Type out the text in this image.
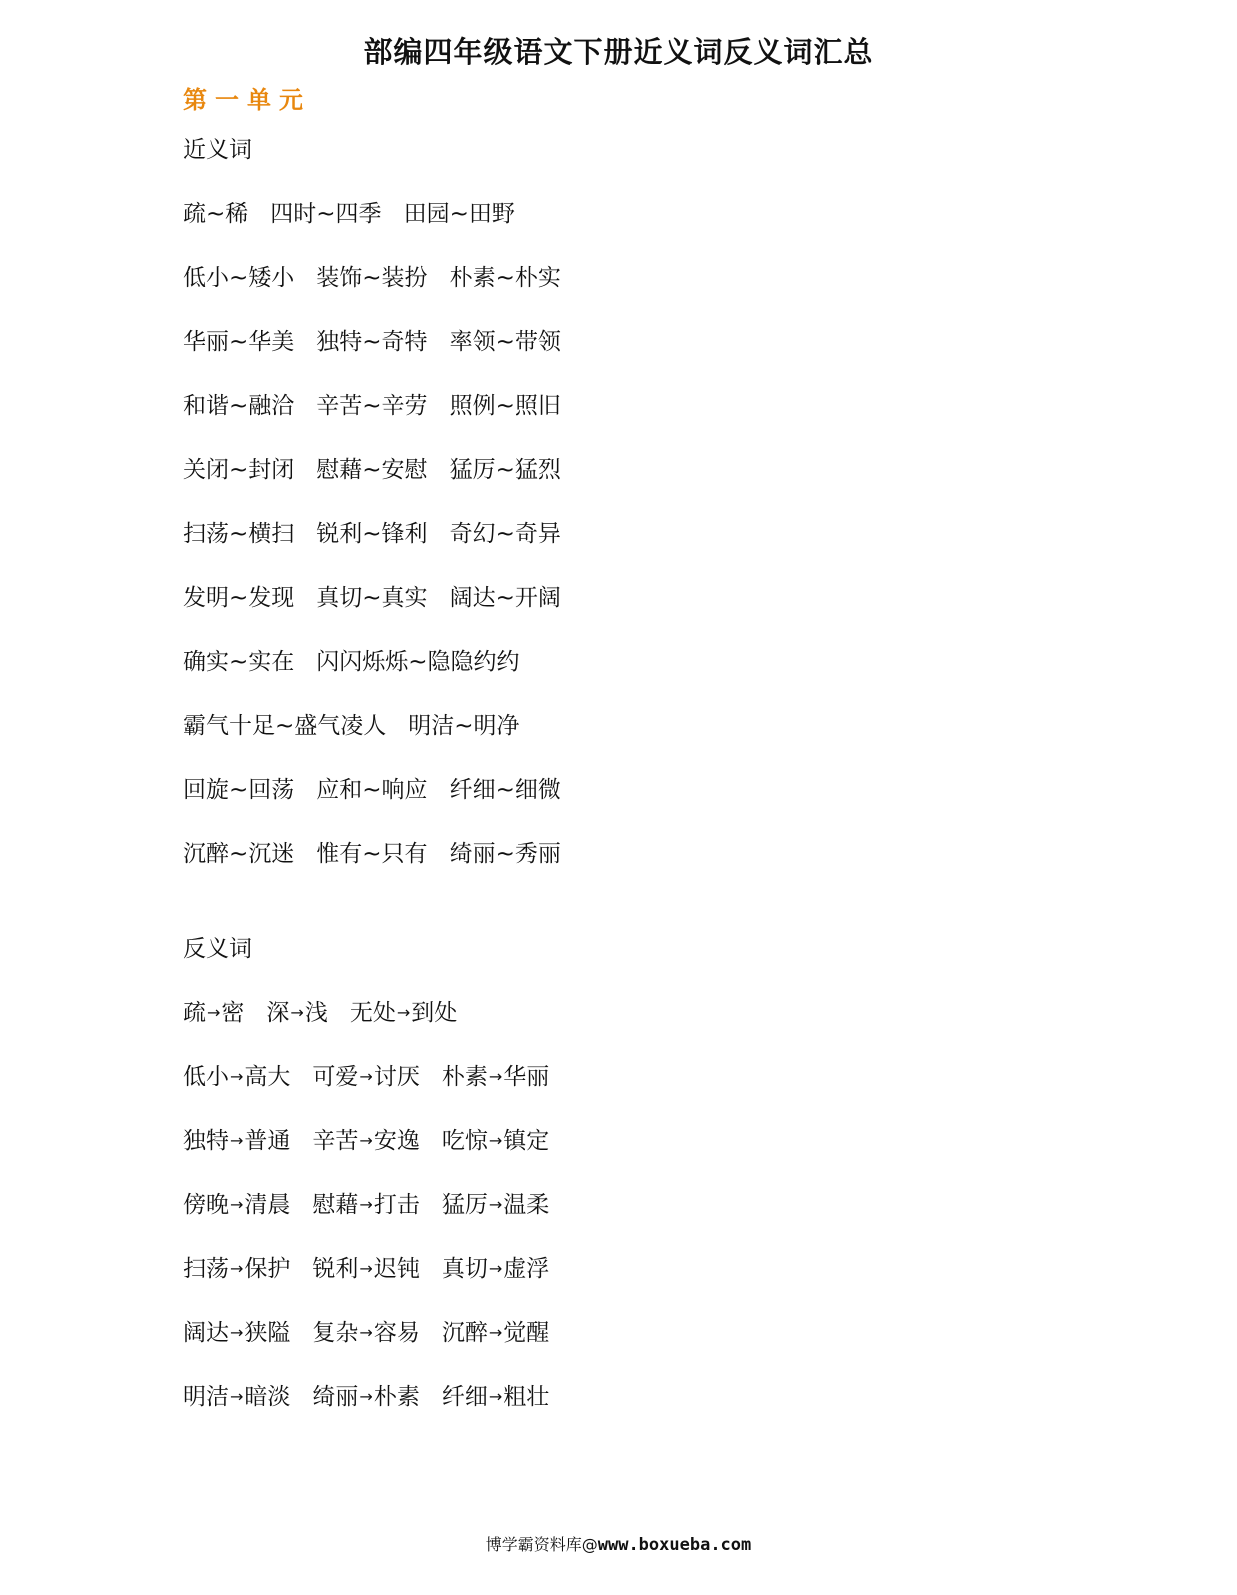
部编四年级语文下册近义词反义词汇总
第一单元
近义词
疏~稀 四时~四季 田园~田野
低小~矮小 装饰~装扮 朴素~朴实
华丽~华美 独特~奇特 率领~带领
和谐~融洽 辛苦~辛劳 照例~照旧
关闭~封闭 慰藉~安慰 猛厉~猛烈
扫荡~横扫 锐利~锋利 奇幻~奇异
发明~发现 真切~真实 阔达~开阔
确实~实在 闪闪烁烁~隐隐约约
霸气十足~盛气凌人 明洁~明净
回旋~回荡 应和~响应 纤细~细微
沉醉~沉迷 惟有~只有 绮丽~秀丽
反义词
疏→密 深→浅 无处→到处
低小→高大 可爱→讨厌 朴素→华丽
独特→普通 辛苦→安逸 吃惊→镇定
傍晚→清晨 慰藉→打击 猛厉→温柔
扫荡→保护 锐利→迟钝 真切→虚浮
阔达→狭隘 复杂→容易 沉醉→觉醒
明洁→暗淡 绮丽→朴素 纤细→粗壮
博学霸资料库@www.boxueba.com
